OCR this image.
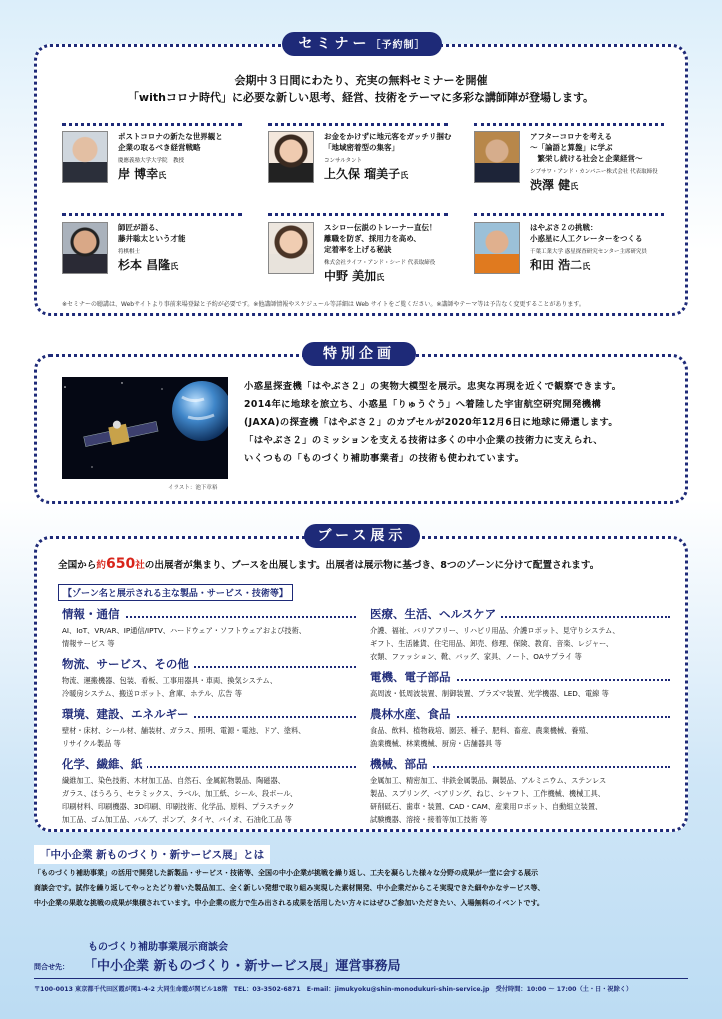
セミナー［予約制］
会期中３日間にわたり、充実の無料セミナーを開催
「withコロナ時代」に必要な新しい思考、経営、技術をテーマに多彩な講師陣が登場します。
ポストコロナの新たな世界観と
企業の取るべき経営戦略
慶應義塾大学大学院　教授
岸 博幸氏
お金をかけずに地元客をガッチリ掴む
「地域密着型の集客」
コンサルタント
上久保 瑠美子氏
アフターコロナを考える
〜「論語と算盤」に学ぶ
　繁栄し続ける社会と企業経営〜
シブサワ・アンド・カンパニー株式会社 代表取締役
渋澤 健氏
師匠が語る、
藤井聡太という才能
将棋棋士
杉本 昌隆氏
スシロー伝説のトレーナー直伝！
離職を防ぎ、採用力を高め、
定着率を上げる秘訣
株式会社ライフ・アンド・シード 代表取締役
中野 美加氏
はやぶさ２の挑戦：
小惑星に人工クレーターをつくる
千葉工業大学 惑星探査研究センター主席研究員
和田 浩二氏
※セミナーの聴講は、Webサイトより事前来場登録と予約が必要です。※他講師情報やスケジュール等詳細は Web サイトをご覧ください。※講師やテーマ等は予告なく変更することがあります。
特別企画
イラスト：池下章裕
小惑星探査機「はやぶさ２」の実物大模型を展示。忠実な再現を近くで観察できます。
2014年に地球を旅立ち、小惑星「りゅうぐう」へ着陸した宇宙航空研究開発機構
(JAXA)の探査機「はやぶさ２」のカプセルが2020年12月6日に地球に帰還します。
「はやぶさ２」のミッションを支える技術は多くの中小企業の技術力に支えられ、
いくつもの「ものづくり補助事業者」の技術も使われています。
ブース展示
全国から約650社の出展者が集まり、ブースを出展します。出展者は展示物に基づき、8つのゾーンに分けて配置されます。
【ゾーン名と展示される主な製品・サービス・技術等】
情報・通信
AI、IoT、VR/AR、IP通信/IPTV、ハードウェア・ソフトウェアおよび技術、
情報サービス 等
物流、サービス、その他
物流、運搬機器、包装、看板、工事用器具・車両、換気システム、
冷暖房システム、搬送ロボット、倉庫、ホテル、広告 等
環境、建設、エネルギー
壁材・床材、シール材、舗装材、ガラス、照明、電源・電池、ドア、塗料、
リサイクル製品 等
化学、繊維、紙
繊維加工、染色技術、木材加工品、自然石、金属鉱物製品、陶磁器、
ガラス、ほうろう、セラミックス、ラベル、加工紙、シール、段ボール、
印刷材料、印刷機器、3D印刷、印刷技術、化学品、原料、プラスチック
加工品、ゴム加工品、バルブ、ポンプ、タイヤ、バイオ、石油化工品 等
医療、生活、ヘルスケア
介護、福祉、バリアフリー、リハビリ用品、介護ロボット、見守りシステム、
ギフト、生活雑貨、住宅用品、卸売、修理、保険、教育、音楽、レジャー、
衣類、ファッション、靴、バッグ、家具、ノート、OAサプライ 等
電機、電子部品
高周波・低周波装置、制御装置、プラズマ装置、光学機器、LED、電線 等
農林水産、食品
食品、飲料、植物栽培、園芸、種子、肥料、畜産、農業機械、養殖、
漁業機械、林業機械、厨房・店舗器具 等
機械、部品
金属加工、精密加工、非鉄金属製品、鋼製品、アルミニウム、ステンレス
製品、スプリング、ベアリング、ねじ、シャフト、工作機械、機械工具、
研削砥石、歯車・装置、CAD・CAM、産業用ロボット、自動組立装置、
試験機器、溶接・接着等加工技術 等
「中小企業 新ものづくり・新サービス展」とは
「ものづくり補助事業」の活用で開発した新製品・サービス・技術等、全国の中小企業が挑戦を繰り返し、工夫を凝らした様々な分野の成果が一堂に会する展示
商談会です。試作を繰り返してやっとたどり着いた製品加工、全く新しい発想で取り組み実現した素材開発、中小企業だからこそ実現できた細やかなサービス等、
中小企業の果敢な挑戦の成果が集積されています。中小企業の底力で生み出される成果を活用したい方々にはぜひご参加いただきたい、入場無料のイベントです。
ものづくり補助事業展示商談会
問合せ先： 「中小企業 新ものづくり・新サービス展」運営事務局
〒100-0013 東京都千代田区霞が関1-4-2 大同生命霞が関ビル18階　TEL：03-3502-6871　E-mail：jimukyoku@shin-monodukuri-shin-service.jp　受付時間：10:00 〜 17:00（土・日・祝除く）
